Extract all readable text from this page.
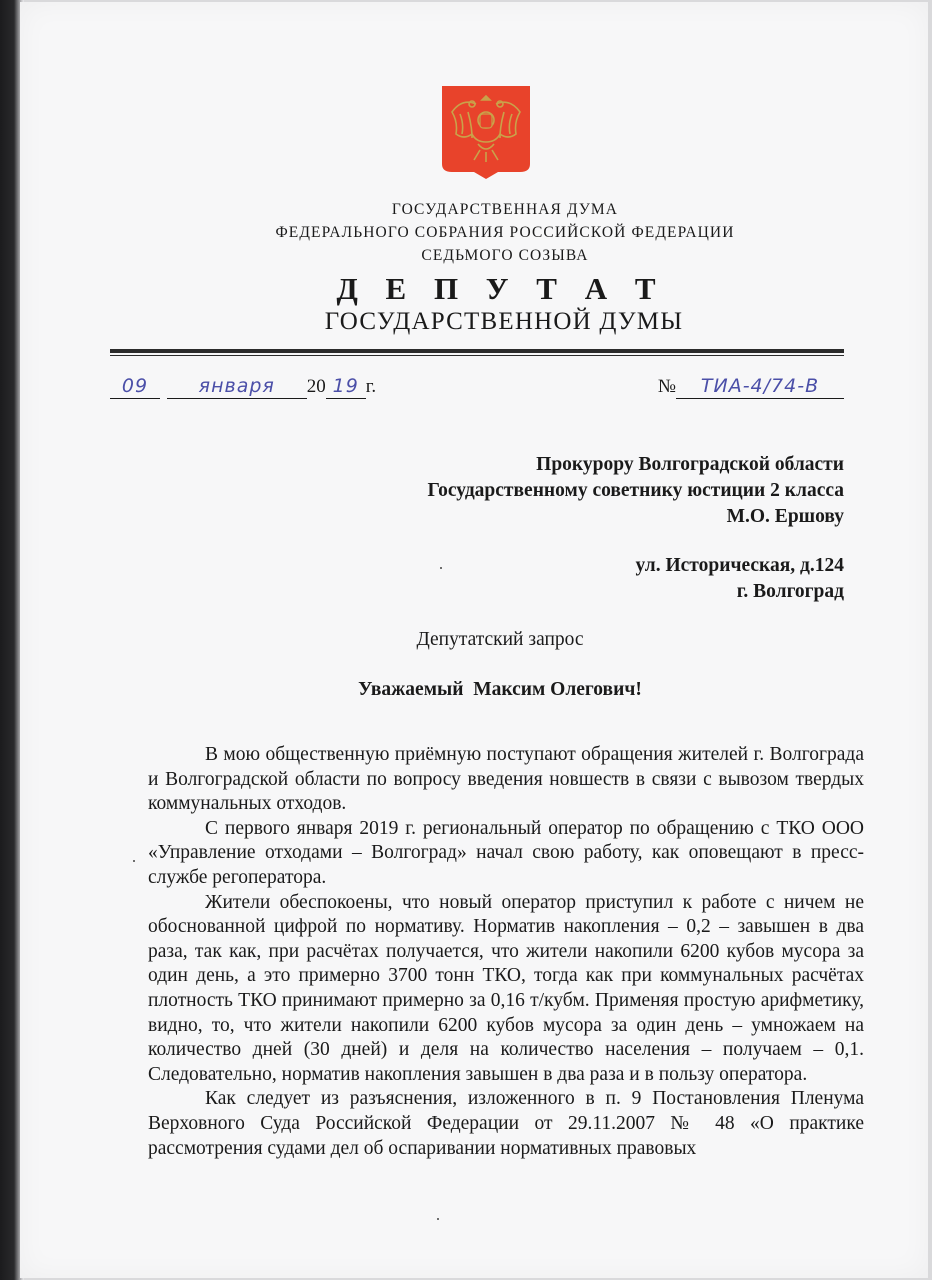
ГОСУДАРСТВЕННАЯ ДУМА
ФЕДЕРАЛЬНОГО СОБРАНИЯ РОССИЙСКОЙ ФЕДЕРАЦИИ
СЕДЬМОГО СОЗЫВА
Д Е П У Т А Т
ГОСУДАРСТВЕННОЙ ДУМЫ
09	января 20 19 г.	№ ТИА-4/74-В
Прокурору Волгоградской области
Государственному советнику юстиции 2 класса
М.О. Ершову
ул. Историческая, д.124
г. Волгоград
Депутатский запрос
Уважаемый  Максим Олегович!

В мою общественную приёмную поступают обращения жителей г. Волгограда и Волгоградской области по вопросу введения новшеств в связи с вывозом твердых коммунальных отходов.

С первого января 2019 г. региональный оператор по обращению с ТКО ООО «Управление отходами – Волгоград» начал свою работу, как оповещают в пресс-службе регоператора.

Жители обеспокоены, что новый оператор приступил к работе с ничем не обоснованной цифрой по нормативу. Норматив накопления – 0,2 – завышен в два раза, так как, при расчётах получается, что жители накопили 6200 кубов мусора за один день, а это примерно 3700 тонн ТКО, тогда как при коммунальных расчётах плотность ТКО принимают примерно за 0,16 т/кубм. Применяя простую арифметику, видно, то, что жители накопили 6200 кубов мусора за один день – умножаем на количество дней (30 дней) и деля на количество населения – получаем – 0,1. Следовательно, норматив накопления завышен в два раза и в пользу оператора.

Как следует из разъяснения, изложенного в п. 9 Постановления Пленума Верховного Суда Российской Федерации от 29.11.2007 № 48 «О практике рассмотрения судами дел об оспаривании нормативных правовых
